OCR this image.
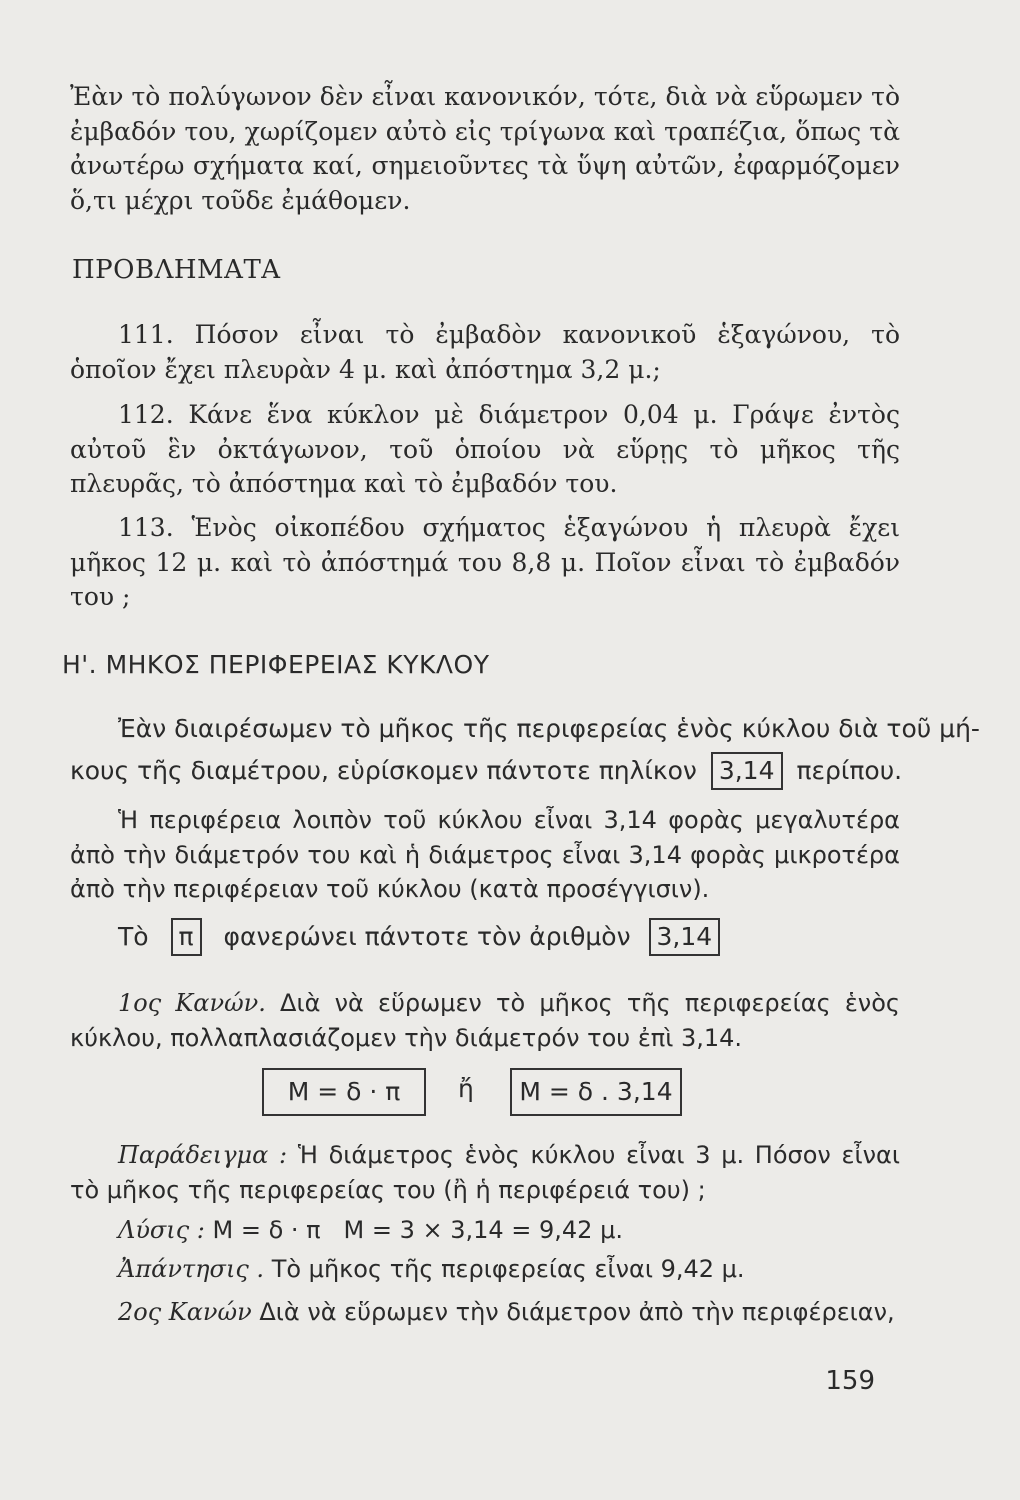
Ἐὰν τὸ πολύγωνον δὲν εἶναι κανονικόν, τότε, διὰ νὰ εὕρωμεν τὸ ἐμβαδόν του, χωρίζομεν αὐτὸ εἰς τρίγωνα καὶ τραπέζια, ὅπως τὰ ἀνωτέρω σχήματα καί, σημειοῦντες τὰ ὕψη αὐτῶν, ἐφαρμόζομεν ὅ,τι μέχρι τοῦδε ἐμάθομεν.

ΠΡΟΒΛΗΜΑΤΑ

111. Πόσον εἶναι τὸ ἐμβαδὸν κανονικοῦ ἑξαγώνου, τὸ ὁποῖον ἔχει πλευρὰν 4 μ. καὶ ἀπόστημα 3,2 μ.;

112. Κάνε ἕνα κύκλον μὲ διάμετρον 0,04 μ. Γράψε ἐντὸς αὐτοῦ ἓν ὀκτάγωνον, τοῦ ὁποίου νὰ εὕρῃς τὸ μῆκος τῆς πλευρᾶς, τὸ ἀπόστημα καὶ τὸ ἐμβαδόν του.

113. Ἑνὸς οἰκοπέδου σχήματος ἑξαγώνου ἡ πλευρὰ ἔχει μῆκος 12 μ. καὶ τὸ ἀπόστημά του 8,8 μ. Ποῖον εἶναι τὸ ἐμβαδόν του ;

Η'. ΜΗΚΟΣ ΠΕΡΙΦΕΡΕΙΑΣ ΚΥΚΛΟΥ
Ἐὰν διαιρέσωμεν τὸ μῆκος τῆς περιφερείας ἑνὸς κύκλου διὰ τοῦ μή-
κους τῆς διαμέτρου, εὑρίσκομεν πάντοτε πηλίκον 3,14 περίπου.

Ἡ περιφέρεια λοιπὸν τοῦ κύκλου εἶναι 3,14 φορὰς μεγαλυτέρα ἀπὸ τὴν διάμετρόν του καὶ ἡ διάμετρος εἶναι 3,14 φορὰς μικροτέρα ἀπὸ τὴν περιφέρειαν τοῦ κύκλου (κατὰ προσέγγισιν).

Τὸ π φανερώνει πάντοτε τὸν ἀριθμὸν 3,14

1ος Κανών. Διὰ νὰ εὕρωμεν τὸ μῆκος τῆς περιφερείας ἑνὸς κύκλου, πολλαπλασιάζομεν τὴν διάμετρόν του ἐπὶ 3,14.

Μ = δ · π	ἤ	Μ = δ . 3,14

Παράδειγμα : Ἡ διάμετρος ἑνὸς κύκλου εἶναι 3 μ. Πόσον εἶναι τὸ μῆκος τῆς περιφερείας του (ἢ ἡ περιφέρειά του) ;

Λύσις : Μ = δ · π   Μ = 3 × 3,14 = 9,42 μ.
Ἀπάντησις . Τὸ μῆκος τῆς περιφερείας εἶναι 9,42 μ.
2ος Κανών Διὰ νὰ εὕρωμεν τὴν διάμετρον ἀπὸ τὴν περιφέρειαν,
159
